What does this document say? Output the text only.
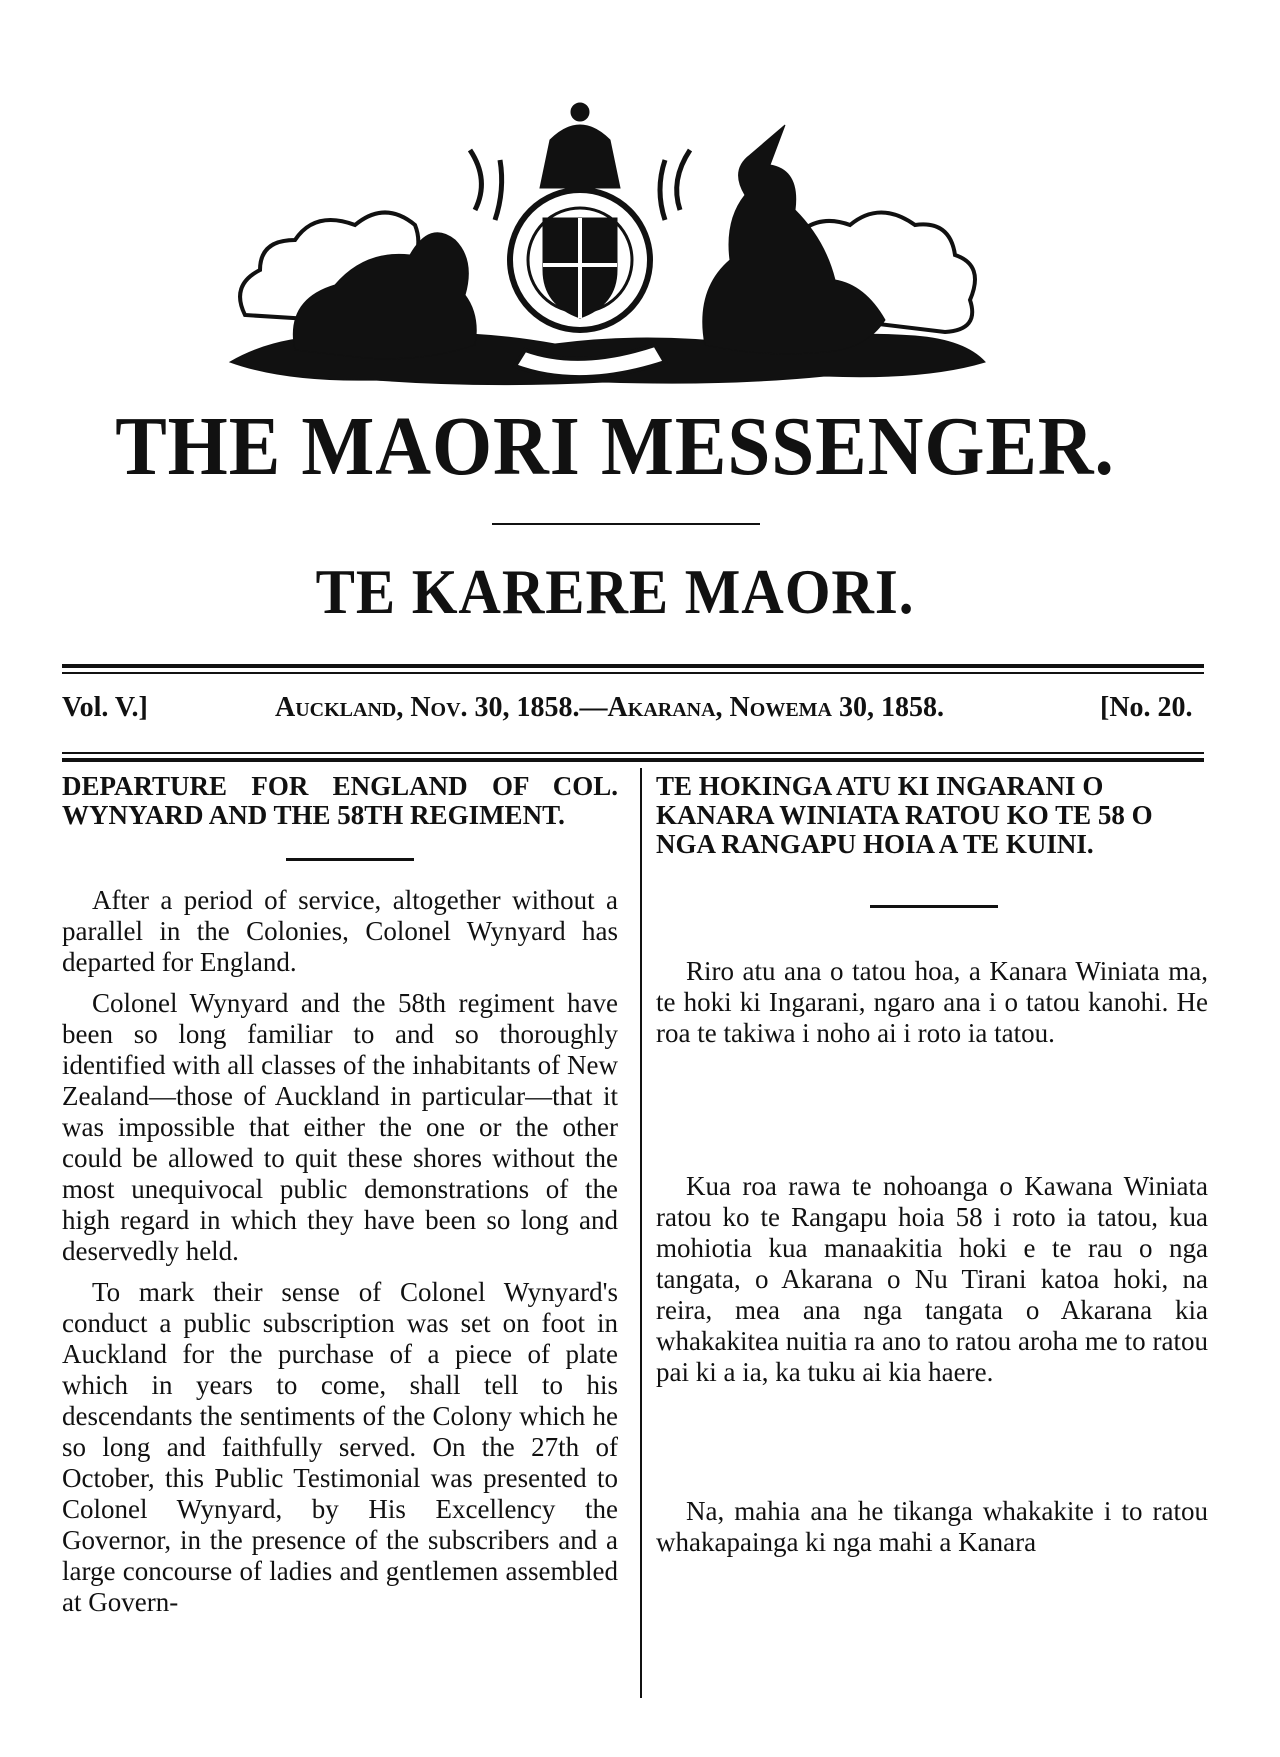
THE MAORI MESSENGER.
TE KARERE MAORI.
Vol. V.]	Auckland, Nov. 30, 1858.—Akarana, Nowema 30, 1858.	[No. 20.
DEPARTURE FOR ENGLAND OF COL. WYNYARD AND THE 58TH REGIMENT.

After a period of service, altogether without a parallel in the Colonies, Colonel Wynyard has departed for England.

Colonel Wynyard and the 58th regiment have been so long familiar to and so thoroughly identified with all classes of the inhabitants of New Zealand—those of Auckland in particular—that it was impossible that either the one or the other could be allowed to quit these shores without the most unequivocal public demonstrations of the high regard in which they have been so long and deservedly held.

To mark their sense of Colonel Wynyard's conduct a public subscription was set on foot in Auckland for the purchase of a piece of plate which in years to come, shall tell to his descendants the sentiments of the Colony which he so long and faithfully served. On the 27th of October, this Public Testimonial was presented to Colonel Wynyard, by His Excellency the Governor, in the presence of the subscribers and a large concourse of ladies and gentlemen assembled at Govern-

TE HOKINGA ATU KI INGARANI O KANARA WINIATA RATOU KO TE 58 O NGA RANGAPU HOIA A TE KUINI.

Riro atu ana o tatou hoa, a Kanara Winiata ma, te hoki ki Ingarani, ngaro ana i o tatou kanohi. He roa te takiwa i noho ai i roto ia tatou.

Kua roa rawa te nohoanga o Kawana Winiata ratou ko te Rangapu hoia 58 i roto ia tatou, kua mohiotia kua manaakitia hoki e te rau o nga tangata, o Akarana o Nu Tirani katoa hoki, na reira, mea ana nga tangata o Akarana kia whakakitea nuitia ra ano to ratou aroha me to ratou pai ki a ia, ka tuku ai kia haere.

Na, mahia ana he tikanga whakakite i to ratou whakapainga ki nga mahi a Kanara
